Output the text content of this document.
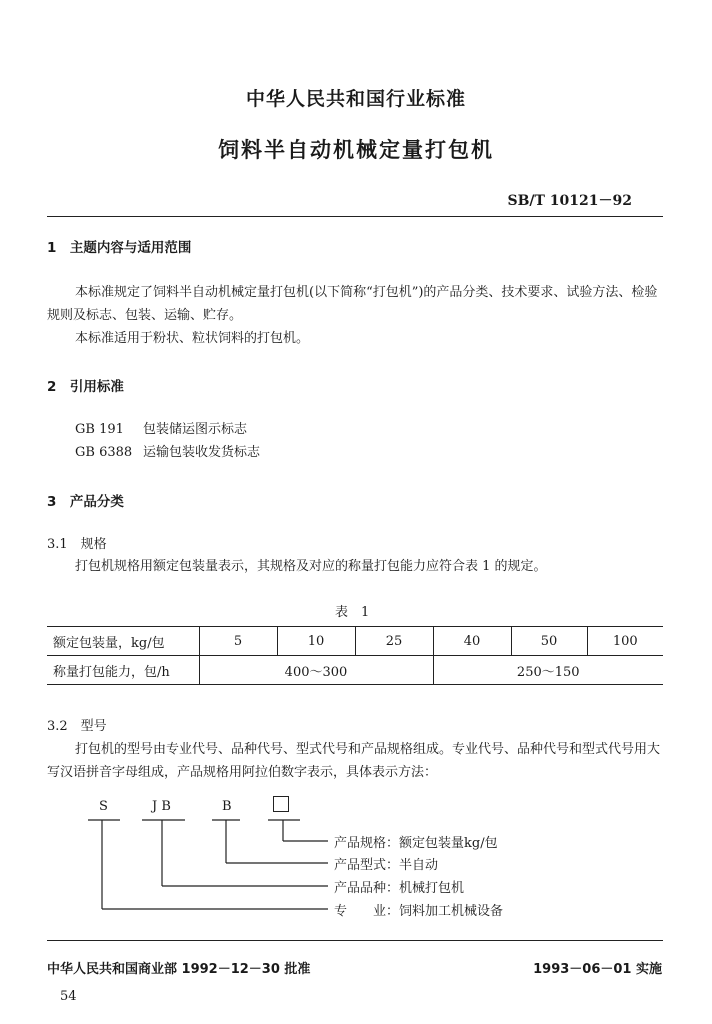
中华人民共和国行业标准
饲料半自动机械定量打包机
SB/T 10121－92
1　主题内容与适用范围
本标准规定了饲料半自动机械定量打包机(以下简称“打包机”)的产品分类、技术要求、试验方法、检验规则及标志、包装、运输、贮存。
本标准适用于粉状、粒状饲料的打包机。
2　引用标准
GB 191 包装储运图示标志
GB 6388 运输包装收发货标志
3　产品分类
3.1　规格
打包机规格用额定包装量表示，其规格及对应的称量打包能力应符合表 1 的规定。
表　1
额定包装量，kg/包	5	10	25	40	50	100
称量打包能力，包/h	400～300			250～150		
3.2　型号
打包机的型号由专业代号、品种代号、型式代号和产品规格组成。专业代号、品种代号和型式代号用大写汉语拼音字母组成，产品规格用阿拉伯数字表示，具体表示方法：
S	J B	B
产品规格：额定包装量kg/包
产品型式：半自动
产品品种：机械打包机
专　　业：饲料加工机械设备
中华人民共和国商业部 1992－12－30 批准	1993－06－01 实施
54
